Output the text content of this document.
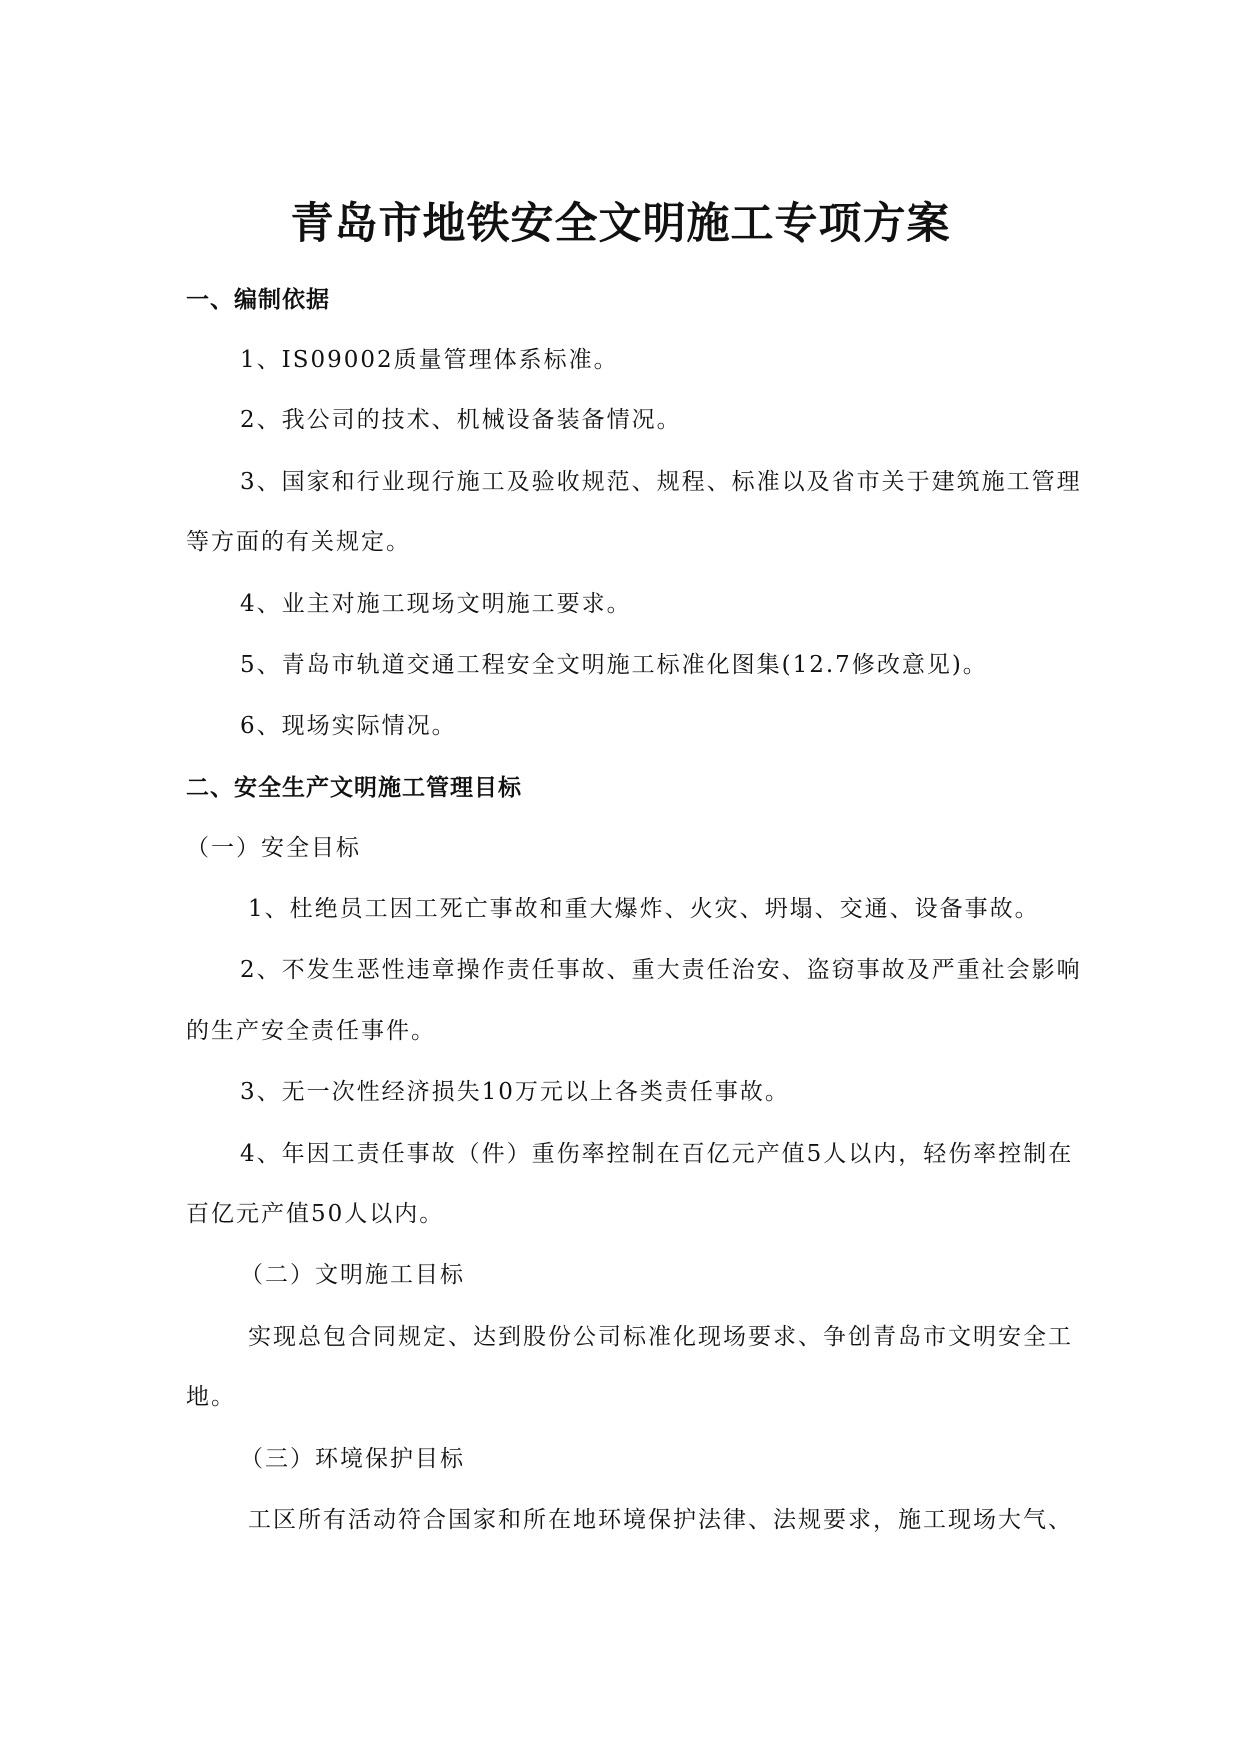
青岛市地铁安全文明施工专项方案
一、编制依据
1、IS09002质量管理体系标准。
2、我公司的技术、机械设备装备情况。
3、国家和行业现行施工及验收规范、规程、标准以及省市关于建筑施工管理
等方面的有关规定。
4、业主对施工现场文明施工要求。
5、青岛市轨道交通工程安全文明施工标准化图集(12.7修改意见)。
6、现场实际情况。
二、安全生产文明施工管理目标
（一）安全目标
1、杜绝员工因工死亡事故和重大爆炸、火灾、坍塌、交通、设备事故。
2、不发生恶性违章操作责任事故、重大责任治安、盗窃事故及严重社会影响
的生产安全责任事件。
3、无一次性经济损失10万元以上各类责任事故。
4、年因工责任事故（件）重伤率控制在百亿元产值5人以内，轻伤率控制在
百亿元产值50人以内。
（二）文明施工目标
实现总包合同规定、达到股份公司标准化现场要求、争创青岛市文明安全工
地。
（三）环境保护目标
工区所有活动符合国家和所在地环境保护法律、法规要求，施工现场大气、
